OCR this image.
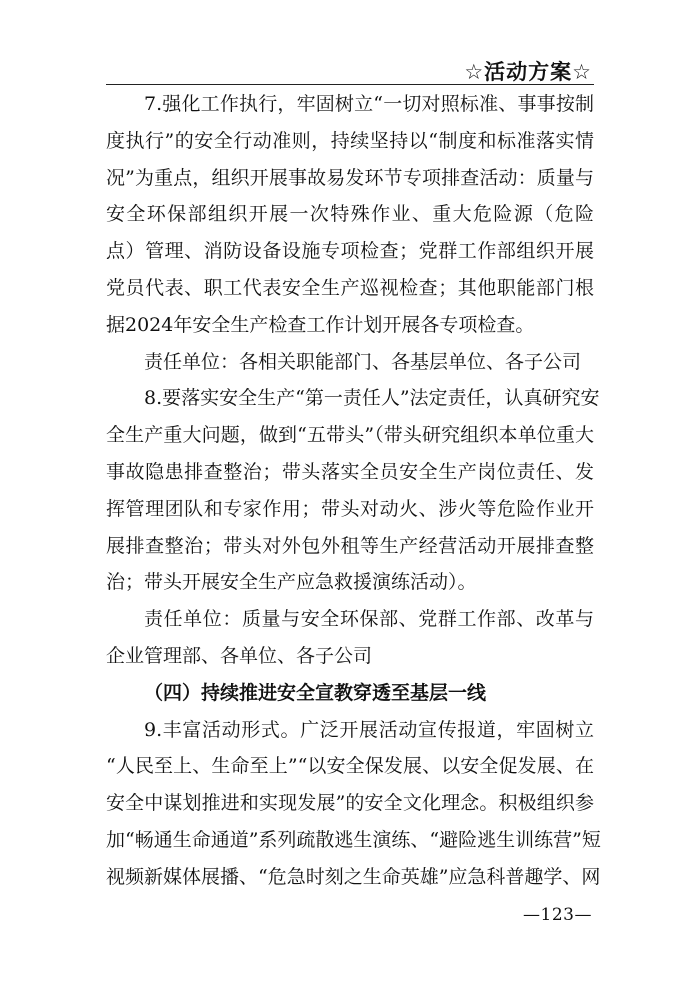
☆活动方案☆
7.强化工作执行，牢固树立“一切对照标准、事事按制
度执行”的安全行动准则，持续坚持以“制度和标准落实情
况”为重点，组织开展事故易发环节专项排查活动：质量与
安全环保部组织开展一次特殊作业、重大危险源（危险
点）管理、消防设备设施专项检查；党群工作部组织开展
党员代表、职工代表安全生产巡视检查；其他职能部门根
据2024年安全生产检查工作计划开展各专项检查。
责任单位：各相关职能部门、各基层单位、各子公司
8.要落实安全生产“第一责任人”法定责任，认真研究安
全生产重大问题，做到“五带头”（带头研究组织本单位重大
事故隐患排查整治；带头落实全员安全生产岗位责任、发
挥管理团队和专家作用；带头对动火、涉火等危险作业开
展排查整治；带头对外包外租等生产经营活动开展排查整
治；带头开展安全生产应急救援演练活动）。
责任单位：质量与安全环保部、党群工作部、改革与
企业管理部、各单位、各子公司
（四）持续推进安全宣教穿透至基层一线
9.丰富活动形式。广泛开展活动宣传报道，牢固树立
“人民至上、生命至上”“以安全保发展、以安全促发展、在
安全中谋划推进和实现发展”的安全文化理念。积极组织参
加“畅通生命通道”系列疏散逃生演练、“避险逃生训练营”短
视频新媒体展播、“危急时刻之生命英雄”应急科普趣学、网
—123—
